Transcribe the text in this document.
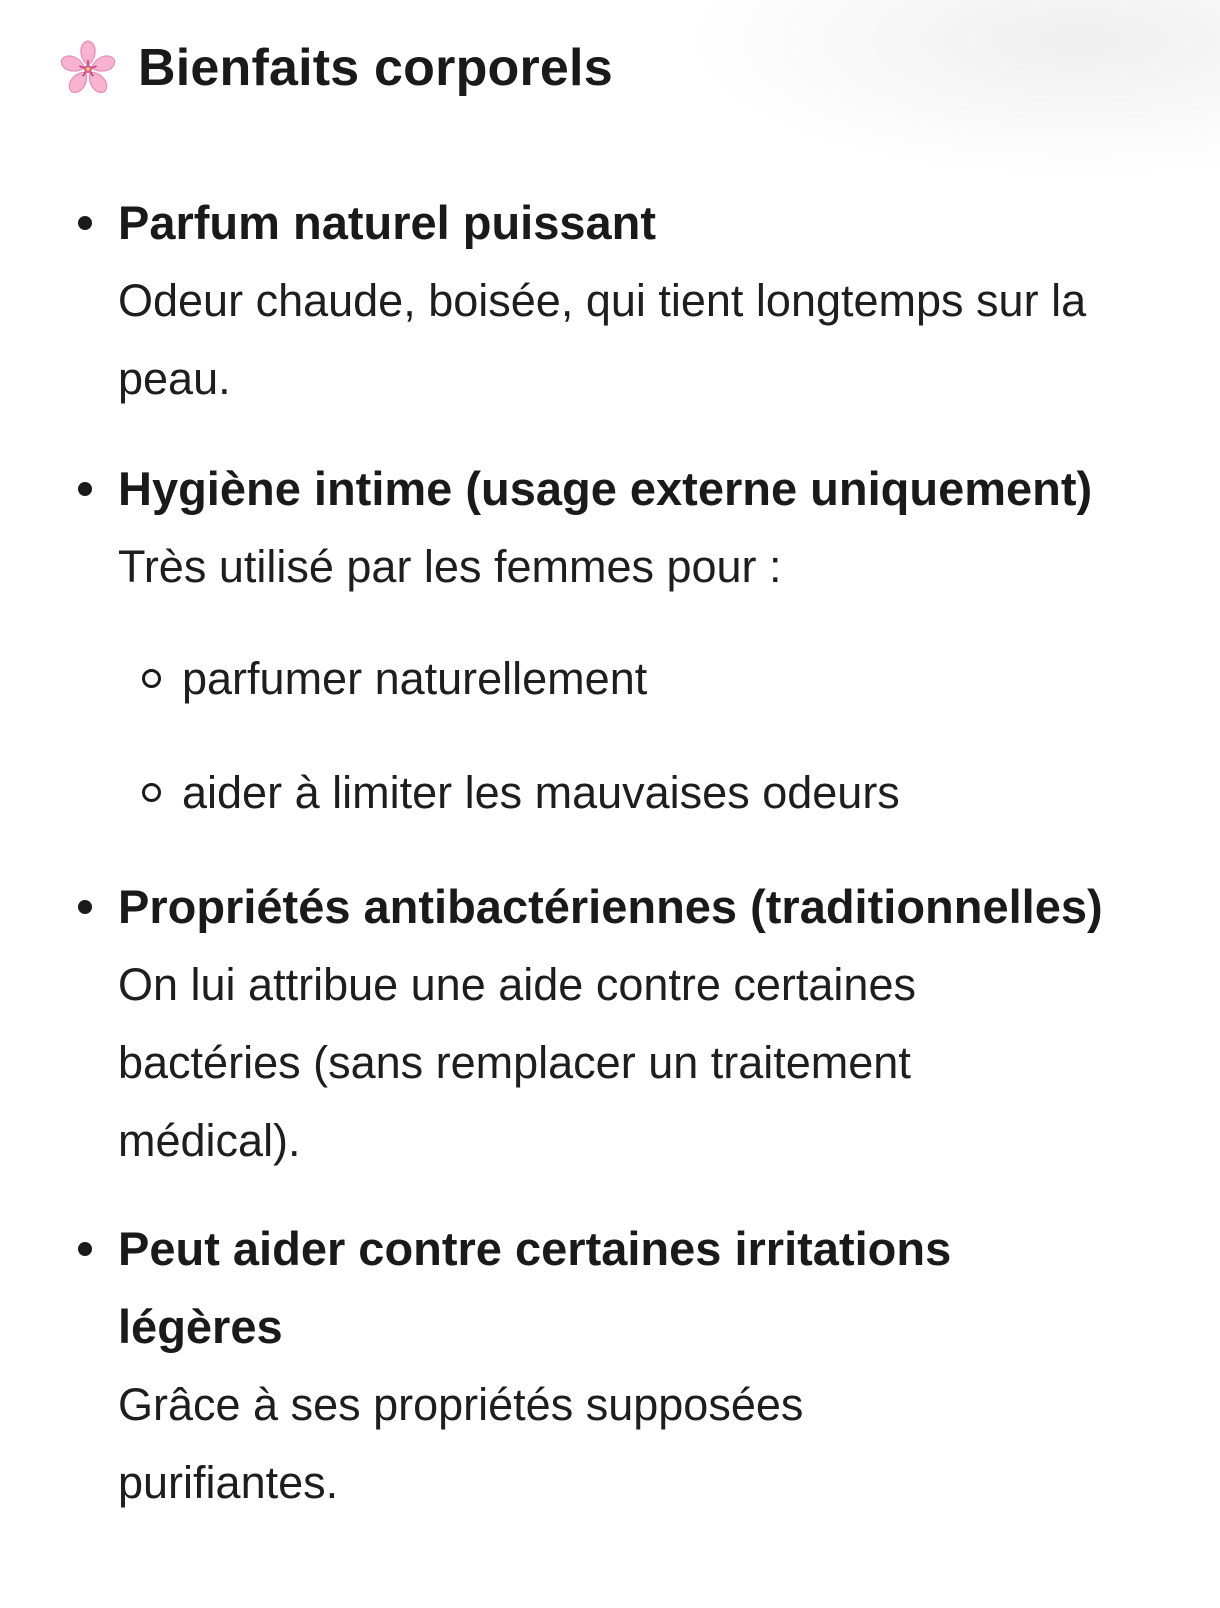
Bienfaits corporels
Parfum naturel puissant
Odeur chaude, boisée, qui tient longtemps sur la peau.
Hygiène intime (usage externe uniquement)
Très utilisé par les femmes pour :
parfumer naturellement
aider à limiter les mauvaises odeurs
Propriétés antibactériennes (traditionnelles)
On lui attribue une aide contre certaines bactéries (sans remplacer un traitement médical).
Peut aider contre certaines irritations légères
Grâce à ses propriétés supposées purifiantes.
